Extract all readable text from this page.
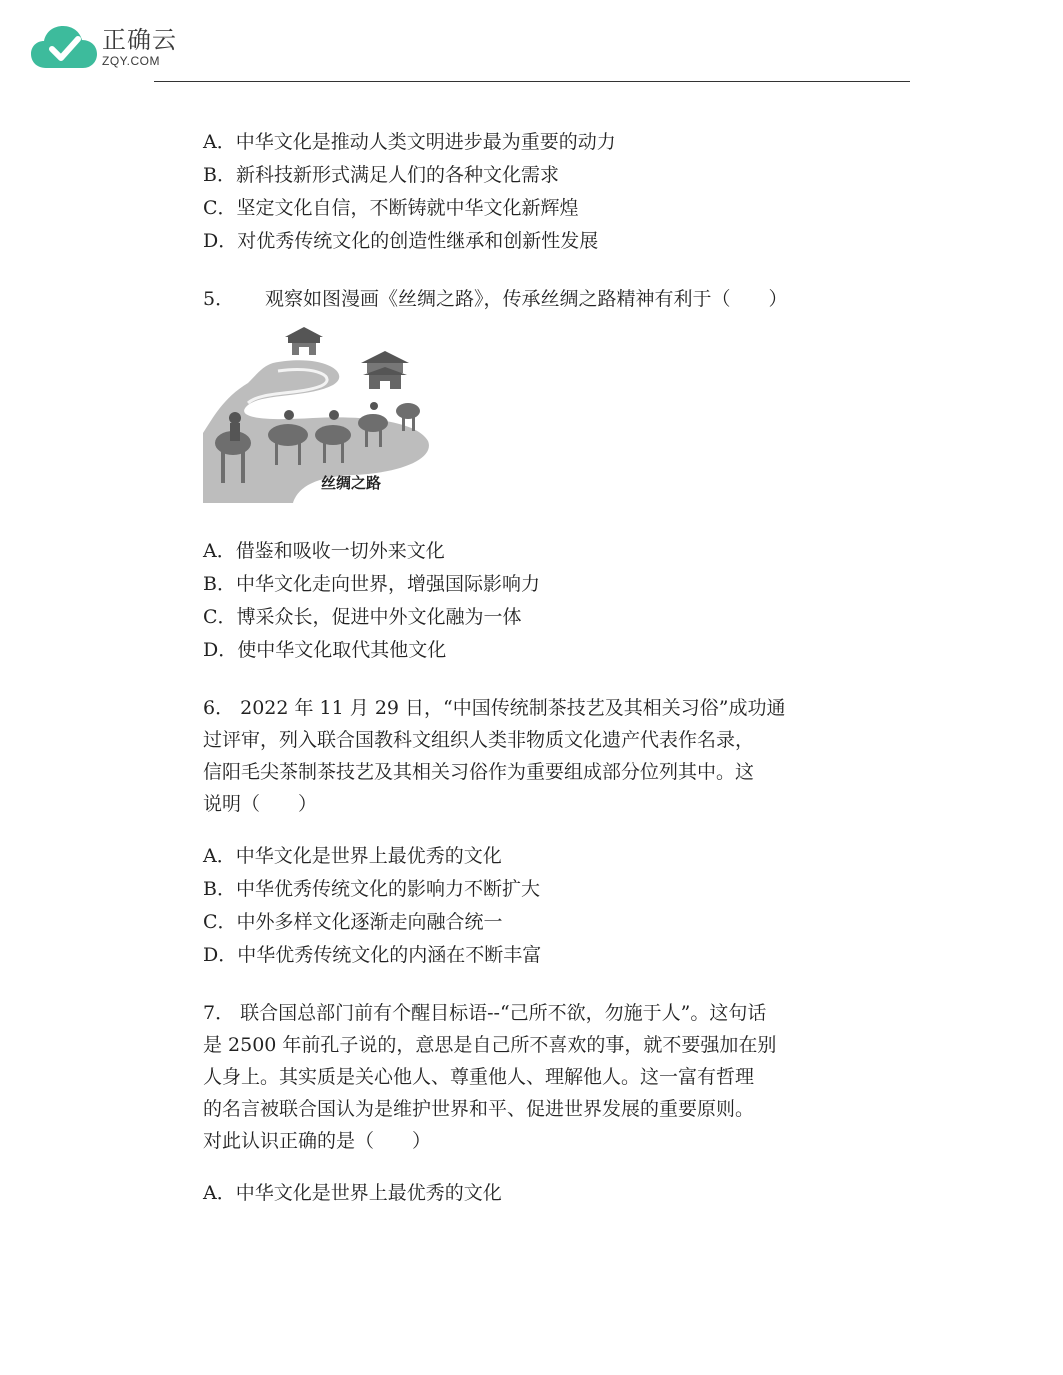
正确云
ZQY.COM
A．中华文化是推动人类文明进步最为重要的动力
B．新科技新形式满足人们的各种文化需求
C．坚定文化自信，不断铸就中华文化新辉煌
D．对优秀传统文化的创造性继承和创新性发展
5． 观察如图漫画《丝绸之路》，传承丝绸之路精神有利于（　　）
丝绸之路
A．借鉴和吸收一切外来文化
B．中华文化走向世界，增强国际影响力
C．博采众长，促进中外文化融为一体
D．使中华文化取代其他文化
6． 2022 年 11 月 29 日，“中国传统制茶技艺及其相关习俗”成功通
过评审，列入联合国教科文组织人类非物质文化遗产代表作名录，
信阳毛尖茶制茶技艺及其相关习俗作为重要组成部分位列其中。这
说明（　　）
A．中华文化是世界上最优秀的文化
B．中华优秀传统文化的影响力不断扩大
C．中外多样文化逐渐走向融合统一
D．中华优秀传统文化的内涵在不断丰富
7． 联合国总部门前有个醒目标语--“己所不欲，勿施于人”。这句话
是 2500 年前孔子说的，意思是自己所不喜欢的事，就不要强加在别
人身上。其实质是关心他人、尊重他人、理解他人。这一富有哲理
的名言被联合国认为是维护世界和平、促进世界发展的重要原则。
对此认识正确的是（　　）
A．中华文化是世界上最优秀的文化
